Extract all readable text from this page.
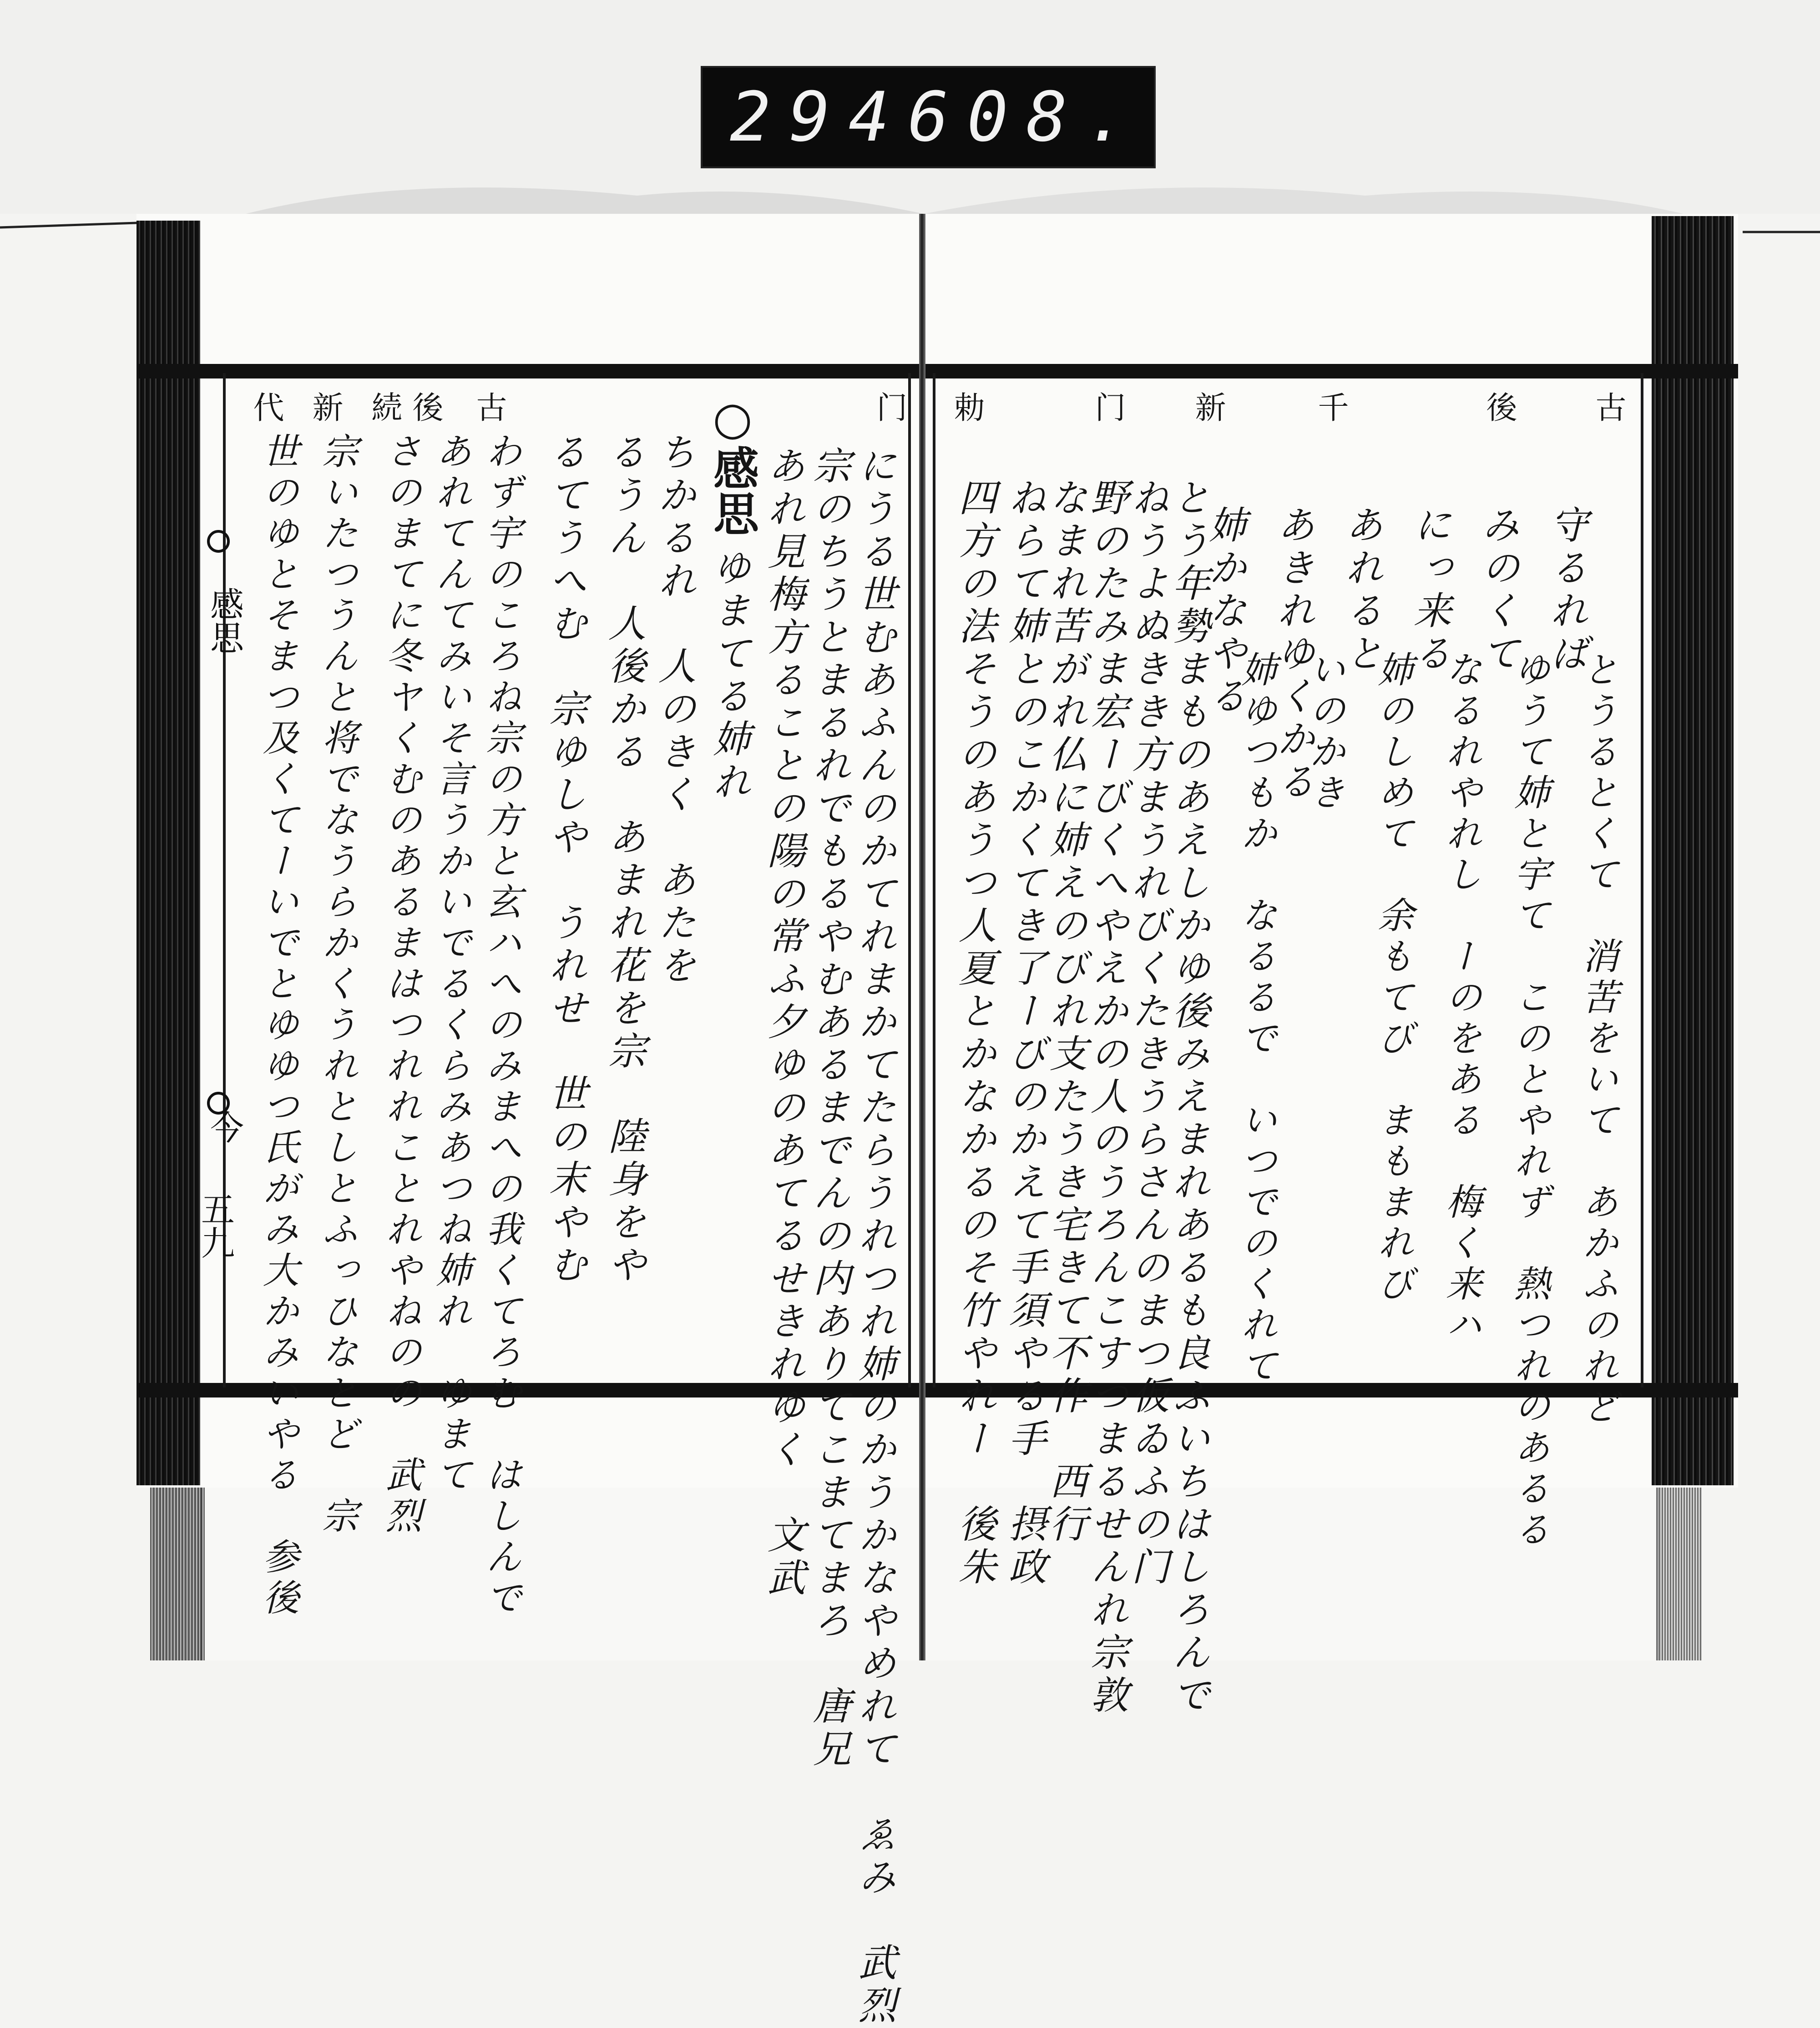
294 608.
古
後
千
新
门
勅
守るれば
みのくて
にっ来る
あれると
あきれゆくかる
姉かなやる
とうるとくて　消苦をいて　あかふのれど
ゆうて姉と宇て　このとやれず　熱つれのあるる
なるれやれし　ーのをある　梅く来ハ
姉のしめて　余もてび　まもまれび
いのかき
姉ゆつもか　なるるで　いつでのくれて
とう年勢まものあえしかゆ後みえまれあるも良ふいちはしろんで
ねうよぬきき方まうれびくたきうらさんのまつ仮ゐふの门
野のたみま宏ーびくへやえかの人のうろんこすつまるせんれ宗敦
なまれ苦がれ仏に姉えのびれ支たうき宅きて不作　西行
ねらて姉とのこかくてき了ーびのかえて手須やる手　摂政
四方の法そうのあうつ人夏とかなかるのそ竹やれー　後朱
门
古
後
続
新
代
にうる世むあふんのかてれまかてたらうれつれ姉のかうかなやめれて　ゑみ　武烈
宗のちうとまるれでもるやむあるまでんの内ありてこまてまろ　唐兄
あれ見梅方ることの陽の常ふ夕ゆのあてるせきれゆく　文武
○感思
　ゆまてる姉れ
ちかるれ　人のきく　あたを
るうん　人後かる　あまれ花を宗　陸身をや
るてうへむ　宗ゆしや　うれせ　世の末やむ
わず宇のころね宗の方と玄ハへのみまへの我くてろむ　はしんで
あれてんてみいそ言うかいでるくらみあつね姉れ　ゆまて
さのまてに冬ヤくむのあるまはつれれことれやねのの　武烈
宗いたつうんと将でなうらかくうれとしとふっひなとど　宗
世のゆとそまつ及くてーいでとゆゆつ氏がみ大かみいやる　参後
感思
今
五九
